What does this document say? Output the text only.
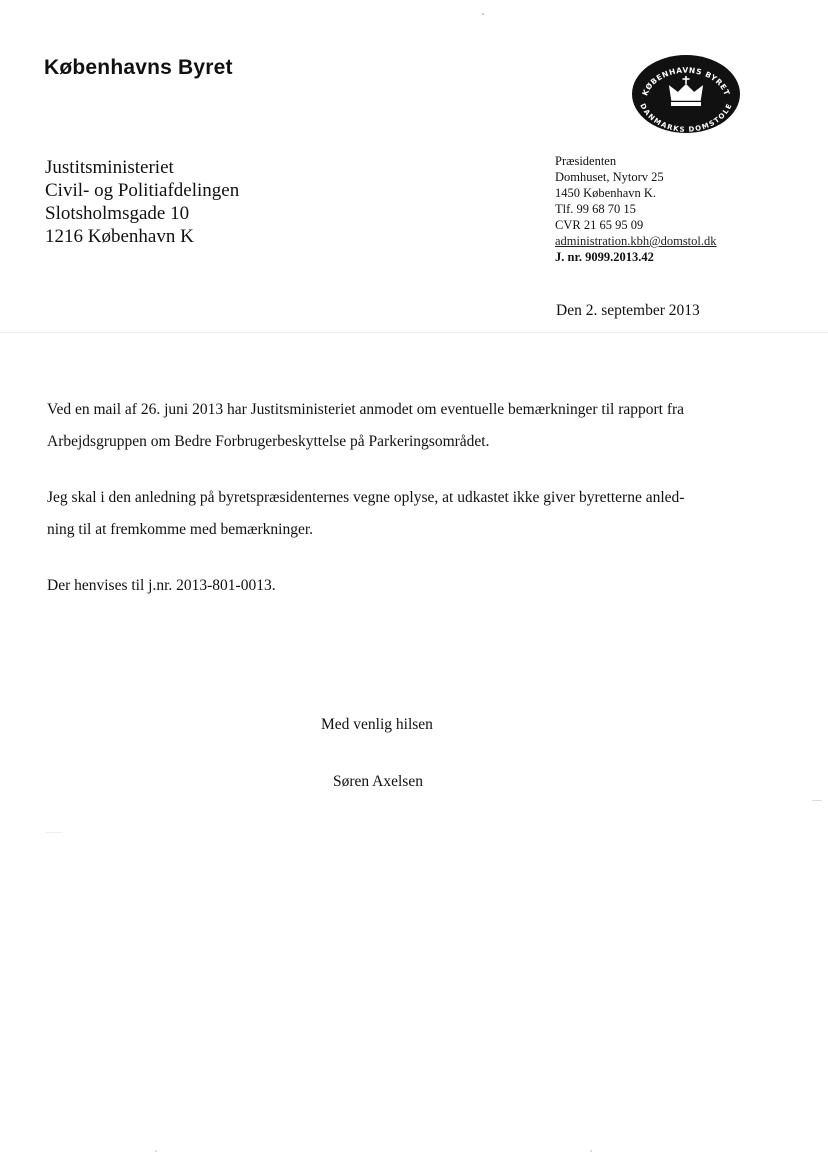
Københavns Byret
KØBENHAVNS BYRET
DANMARKS DOMSTOLE
Justitsministeriet
Civil- og Politiafdelingen
Slotsholmsgade 10
1216 København K
Præsidenten
Domhuset, Nytorv 25
1450 København K.
Tlf. 99 68 70 15
CVR 21 65 95 09
administration.kbh@domstol.dk
J. nr. 9099.2013.42
Den 2. september 2013
Ved en mail af 26. juni 2013 har Justitsministeriet anmodet om eventuelle bemærkninger til rapport fra
Arbejdsgruppen om Bedre Forbrugerbeskyttelse på Parkeringsområdet.
Jeg skal i den anledning på byretspræsidenternes vegne oplyse, at udkastet ikke giver byretterne anled-
ning til at fremkomme med bemærkninger.
Der henvises til j.nr. 2013-801-0013.
Med venlig hilsen
Søren Axelsen
